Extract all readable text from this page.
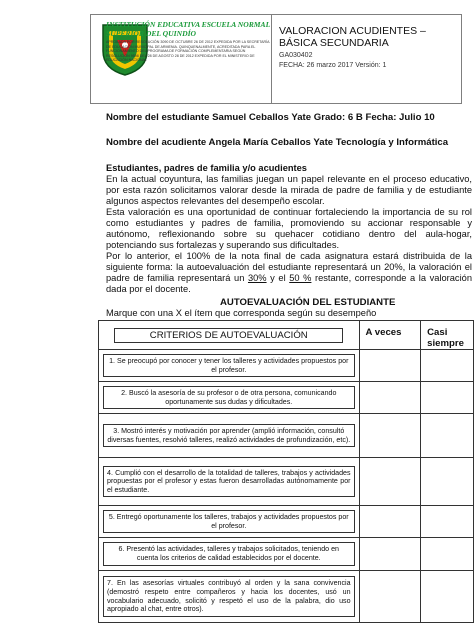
INSTITUCIÓN EDUCATIVA ESCUELA NORMAL SUPERIOR DEL QUINDÍO
APROBADA POR RESOLUCIÓN 3090 DE OCTUBRE 26 DE 2012 EXPEDIDA POR LA SECRETARÍA DE EDUCACIÓN MUNICIPAL DE ARMENIA. QUINQUENALMENTE, ACREDITADA PARA EL FUNCIONAMIENTO DEL PROGRAMA DE FORMACIÓN COMPLEMENTARIA SEGÚN RESOLUCIÓN 9598 DEL 28 DE AGOSTO 28 DE 2012 EXPEDIDA POR EL MINISTERIO DE EDUCACIÓN NACIONAL
VALORACION ACUDIENTES – BÁSICA SECUNDARIA
GA030402
FECHA: 26 marzo 2017 Versión: 1
Nombre del estudiante Samuel Ceballos Yate Grado: 6 B Fecha: Julio 10
Nombre del acudiente Angela María Ceballos Yate Tecnología y Informática

Estudiantes, padres de familia y/o acudientes

En la actual coyuntura, las familias juegan un papel relevante en el proceso educativo, por esta razón solicitamos valorar desde la mirada de padre de familia y de estudiante algunos aspectos relevantes del desempeño escolar.

Esta valoración es una oportunidad de continuar fortaleciendo la importancia de su rol como estudiantes y padres de familia, promoviendo su accionar responsable y autónomo, reflexionando sobre su quehacer cotidiano dentro del aula-hogar, potenciando sus fortalezas y superando sus dificultades.

Por lo anterior, el 100% de la nota final de cada asignatura estará distribuida de la siguiente forma: la autoevaluación del estudiante representará un 20%, la valoración el padre de familia representará un 30% y el 50 % restante, corresponde a la valoración dada por el docente.

AUTOEVALUACIÓN DEL ESTUDIANTE
Marque con una X el ítem que corresponda según su desempeño
CRITERIOS DE AUTOEVALUACIÓN	A veces	Casi siempre

1. Se preocupó por conocer y tener los talleres y actividades propuestos por el profesor.		

2. Buscó la asesoría de su profesor o de otra persona, comunicando oportunamente sus dudas y dificultades.		

3. Mostró interés y motivación por aprender (amplió información, consultó diversas fuentes, resolvió talleres, realizó actividades de profundización, etc).		

4. Cumplió con el desarrollo de la totalidad de talleres, trabajos y actividades propuestas por el profesor y estas fueron desarrolladas autónomamente por el estudiante.		

5. Entregó oportunamente los talleres, trabajos y actividades propuestos por el profesor.		

6. Presentó las actividades, talleres y trabajos solicitados, teniendo en cuenta los criterios de calidad establecidos por el docente.		

7. En las asesorías virtuales contribuyó al orden y la sana convivencia (demostró respeto entre compañeros y hacia los docentes, usó un vocabulario adecuado, solicitó y respetó el uso de la palabra, dio uso apropiado al chat, entre otros).		
